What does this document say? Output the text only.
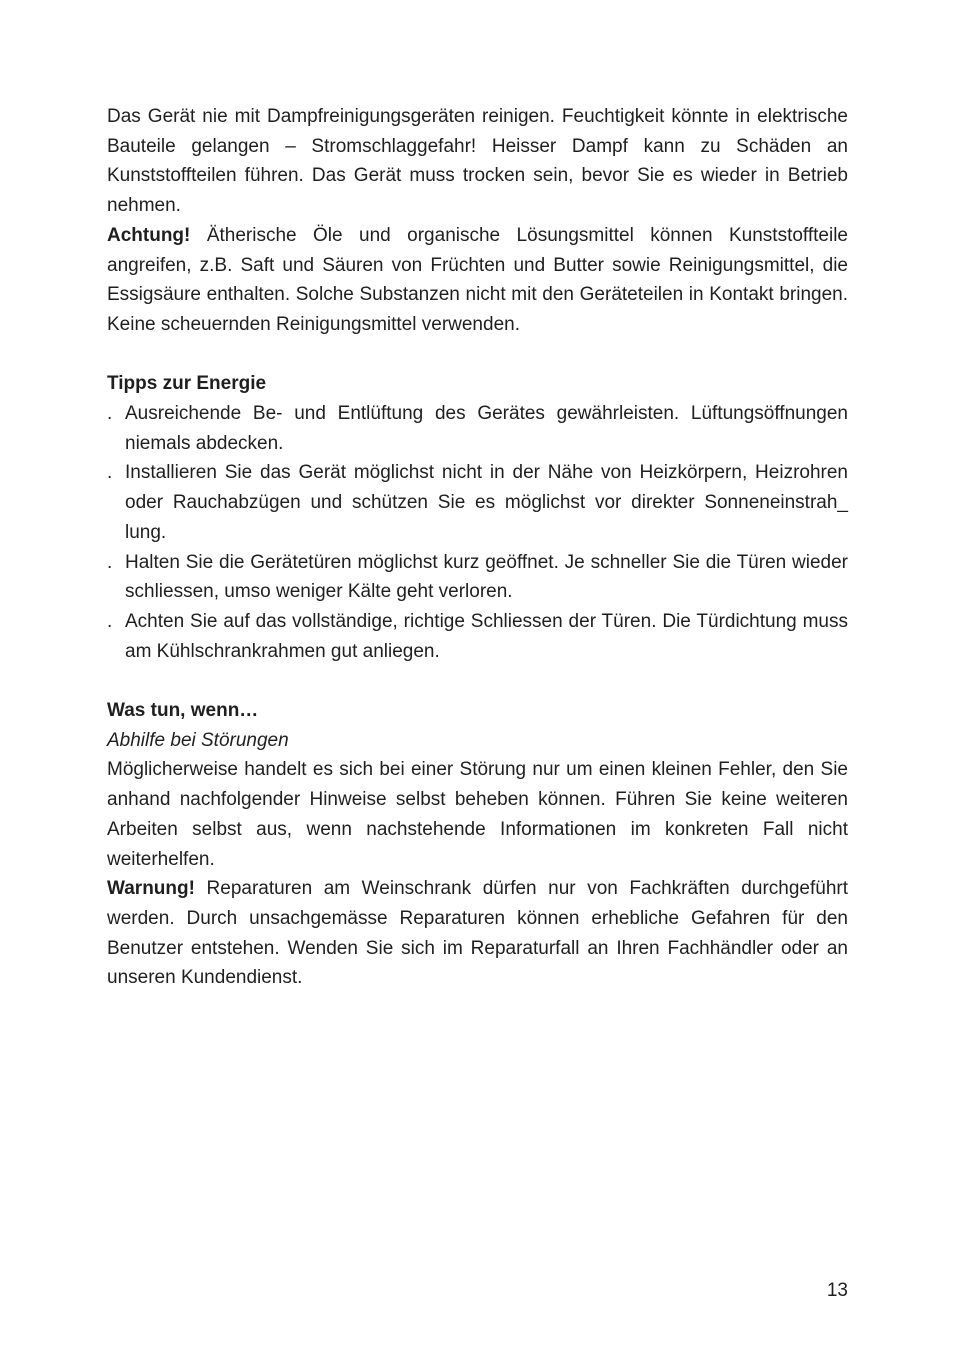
Das Gerät nie mit Dampfreinigungsgeräten reinigen. Feuchtigkeit könnte in elektrische Bauteile gelangen – Stromschlaggefahr! Heisser Dampf kann zu Schäden an Kunststoffteilen führen. Das Gerät muss trocken sein, bevor Sie es wieder in Betrieb nehmen.

Achtung! Ätherische Öle und organische Lösungsmittel können Kunststoffteile angreifen, z.B. Saft und Säuren von Früchten und Butter sowie Reinigungsmittel, die Essigsäure enthalten. Solche Substanzen nicht mit den Geräteteilen in Kontakt bringen. Keine scheuernden Reinigungsmittel verwenden.

Tipps zur Energie

. Ausreichende Be- und Entlüftung des Gerätes gewährleisten. Lüftungsöffnungen niemals abdecken.
. Installieren Sie das Gerät möglichst nicht in der Nähe von Heizkörpern, Heizrohren oder Rauchabzügen und schützen Sie es möglichst vor direkter Sonneneinstrah_ lung.
. Halten Sie die Gerätetüren möglichst kurz geöffnet. Je schneller Sie die Türen wieder schliessen, umso weniger Kälte geht verloren.
. Achten Sie auf das vollständige, richtige Schliessen der Türen. Die Türdichtung muss am Kühlschrankrahmen gut anliegen.

Was tun, wenn…

Abhilfe bei Störungen

Möglicherweise handelt es sich bei einer Störung nur um einen kleinen Fehler, den Sie anhand nachfolgender Hinweise selbst beheben können. Führen Sie keine weiteren Arbeiten selbst aus, wenn nachstehende Informationen im konkreten Fall nicht weiterhelfen.

Warnung! Reparaturen am Weinschrank dürfen nur von Fachkräften durchgeführt werden. Durch unsachgemässe Reparaturen können erhebliche Gefahren für den Benutzer entstehen. Wenden Sie sich im Reparaturfall an Ihren Fachhändler oder an unseren Kundendienst.

13
